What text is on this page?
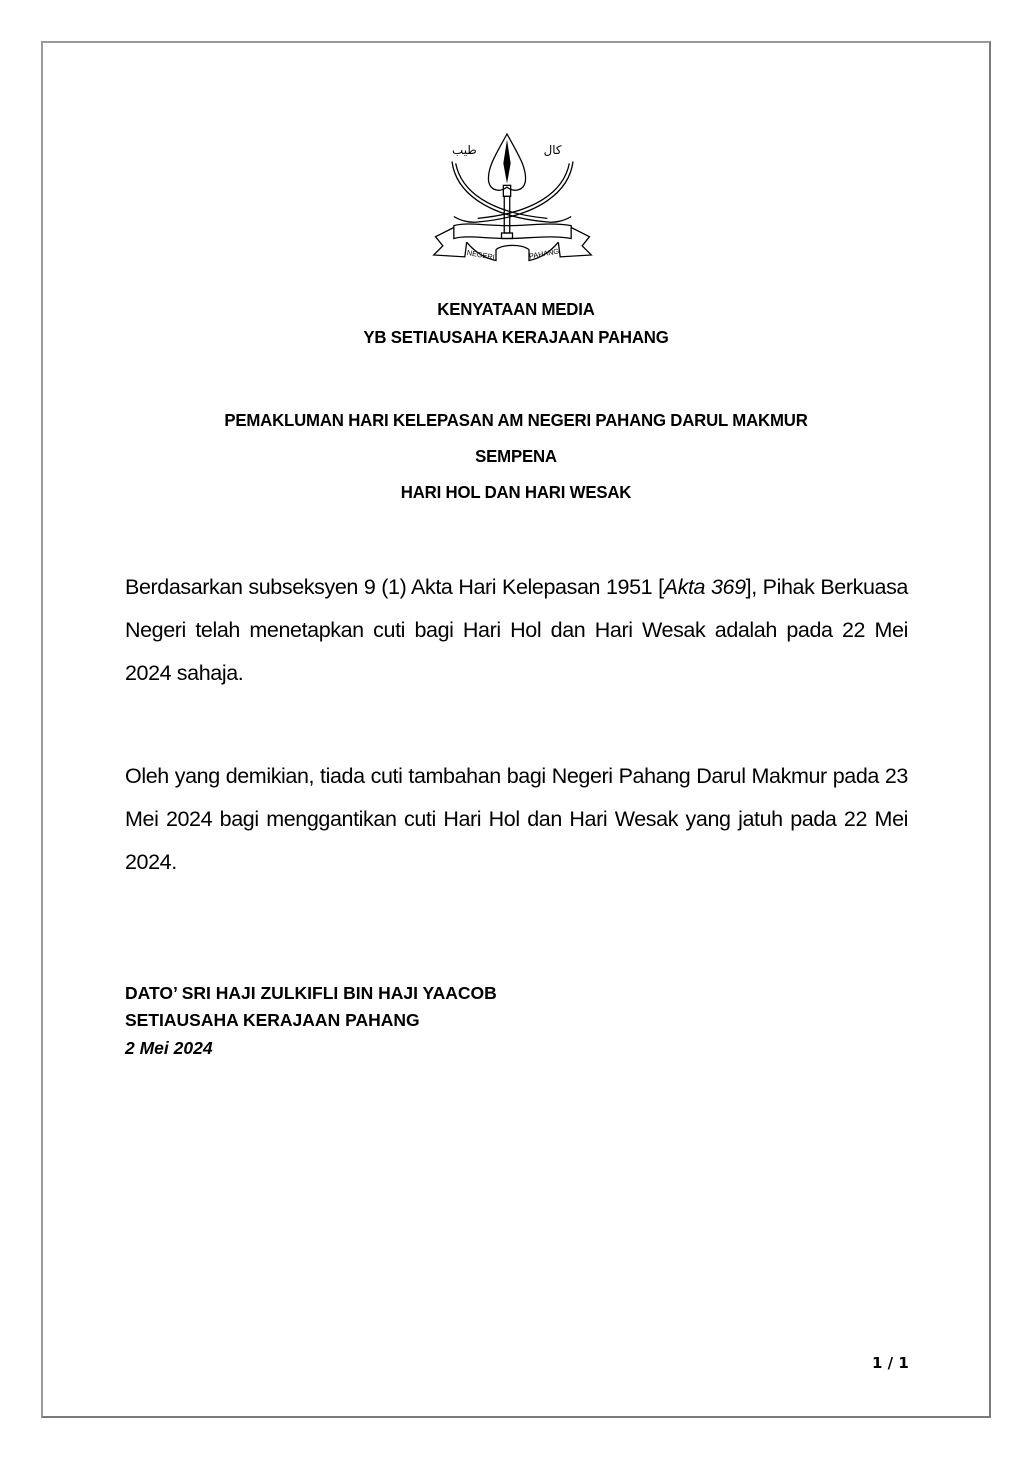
ﻃﻴﺐ	ﻛﺎﻝ
NEGERI	PAHANG
KENYATAAN MEDIA
YB SETIAUSAHA KERAJAAN PAHANG
PEMAKLUMAN HARI KELEPASAN AM NEGERI PAHANG DARUL MAKMUR
SEMPENA
HARI HOL DAN HARI WESAK
Berdasarkan subseksyen 9 (1) Akta Hari Kelepasan 1951 [Akta 369], Pihak Berkuasa Negeri telah menetapkan cuti bagi Hari Hol dan Hari Wesak adalah pada 22 Mei 2024 sahaja.
Oleh yang demikian, tiada cuti tambahan bagi Negeri Pahang Darul Makmur pada 23 Mei 2024 bagi menggantikan cuti Hari Hol dan Hari Wesak yang jatuh pada 22 Mei 2024.
DATO’ SRI HAJI ZULKIFLI BIN HAJI YAACOB
SETIAUSAHA KERAJAAN PAHANG
2 Mei 2024
1 / 1
